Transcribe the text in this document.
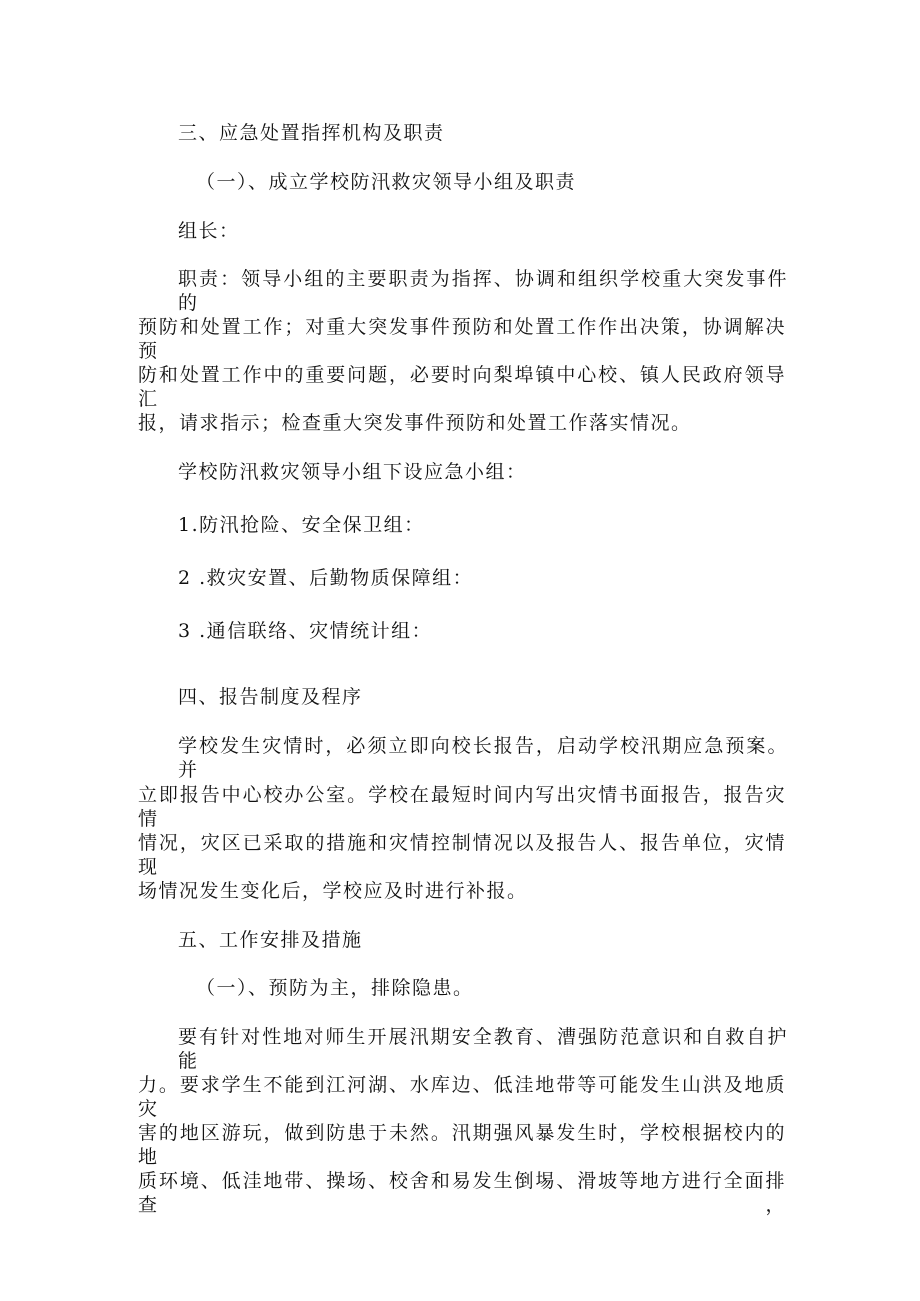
三、应急处置指挥机构及职责
（一）、成立学校防汛救灾领导小组及职责
组长：
职责：领导小组的主要职责为指挥、协调和组织学校重大突发事件的
预防和处置工作；对重大突发事件预防和处置工作作出决策，协调解决预
防和处置工作中的重要问题，必要时向梨埠镇中心校、镇人民政府领导汇
报，请求指示；检查重大突发事件预防和处置工作落实情况。
学校防汛救灾领导小组下设应急小组：
1.防汛抢险、安全保卫组：
2 .救灾安置、后勤物质保障组：
3 .通信联络、灾情统计组：
四、报告制度及程序
学校发生灾情时，必须立即向校长报告，启动学校汛期应急预案。并
立即报告中心校办公室。学校在最短时间内写出灾情书面报告，报告灾情
情况，灾区已采取的措施和灾情控制情况以及报告人、报告单位，灾情现
场情况发生变化后，学校应及时进行补报。
五、工作安排及措施
（一）、预防为主，排除隐患。
要有针对性地对师生开展汛期安全教育、漕强防范意识和自救自护能
力。要求学生不能到江河湖、水库边、低洼地带等可能发生山洪及地质灾
害的地区游玩，做到防患于未然。汛期强风暴发生时，学校根据校内的地
质环境、低洼地带、操场、校舍和易发生倒埸、滑坡等地方进行全面排查，
